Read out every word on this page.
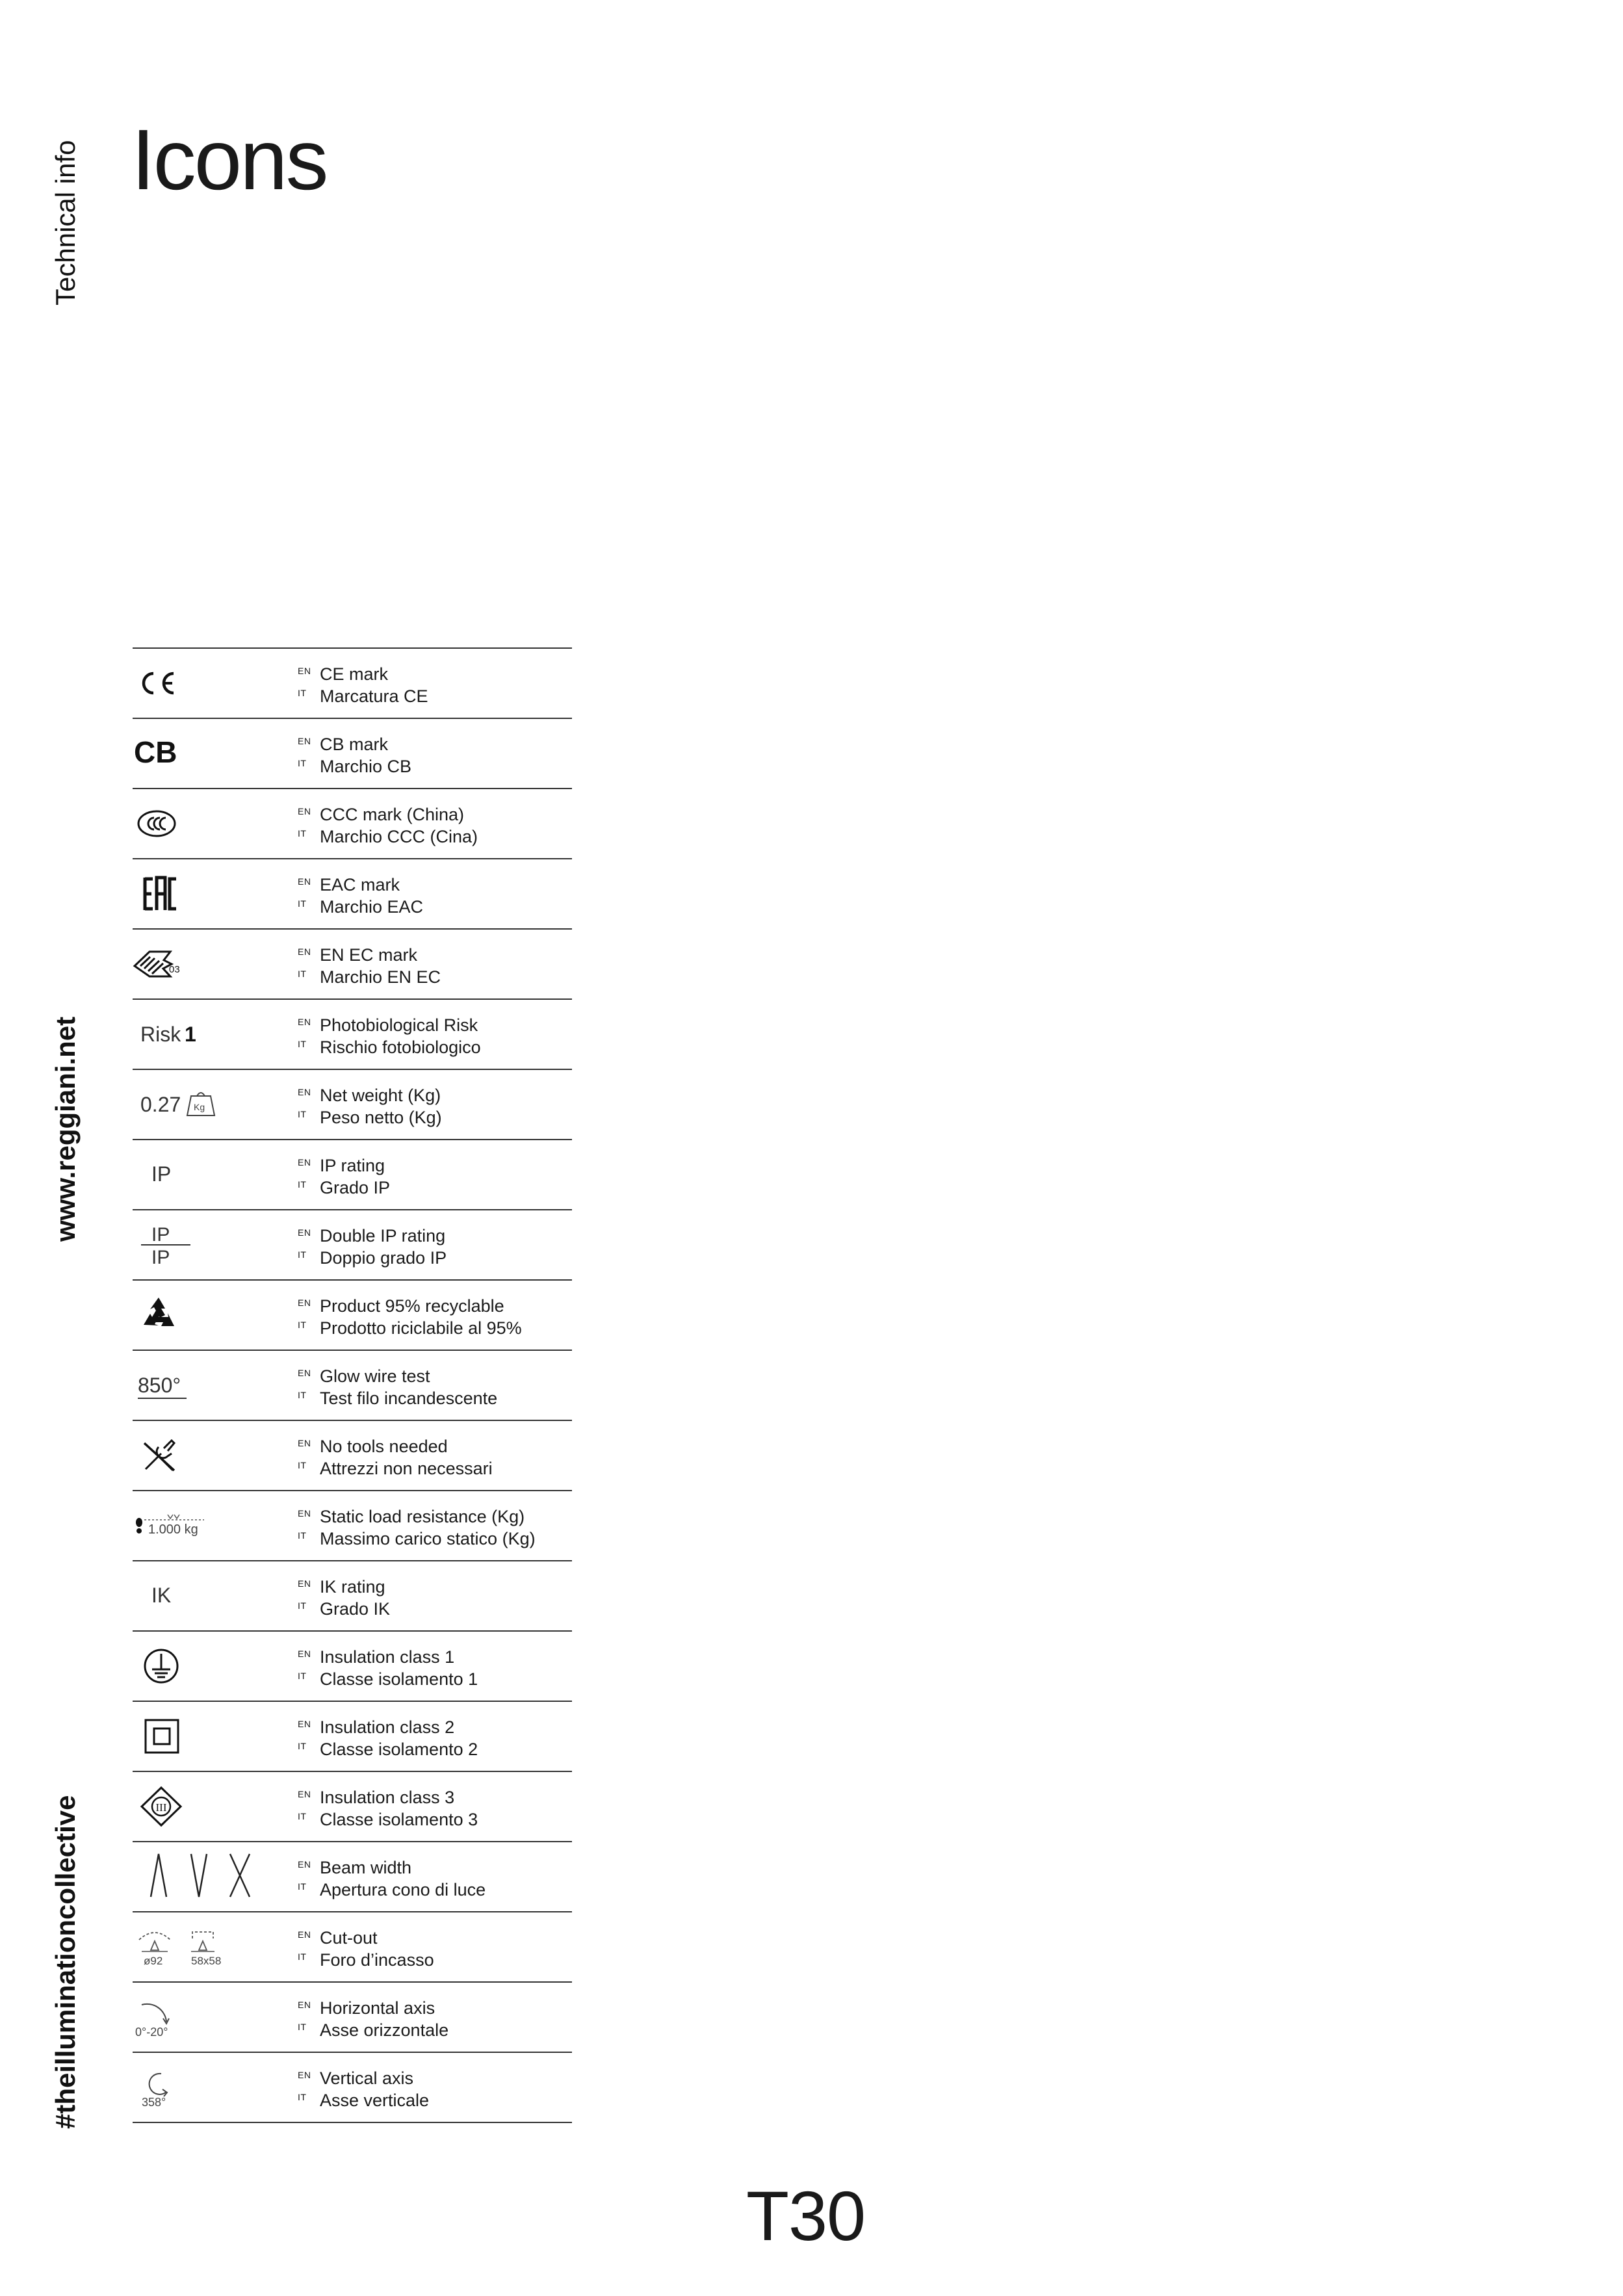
Technical info
www.reggiani.net
#theilluminationcollective
Icons
EN CE mark
IT Marcatura CE
CB	EN CB mark
IT Marchio CB
EN CCC mark (China)
IT Marchio CCC (Cina)
EN EAC mark
IT Marchio EAC
03
EN EN EC mark
IT Marchio EN EC
Risk 1
EN Photobiological Risk
IT Rischio fotobiologico
0.27 Kg
EN Net weight (Kg)
IT Peso netto (Kg)
IP	EN IP rating
IT Grado IP
IP
IP
EN Double IP rating
IT Doppio grado IP
EN Product 95% recyclable
IT Prodotto riciclabile al 95%
850°
EN Glow wire test
IT Test filo incandescente
EN No tools needed
IT Attrezzi non necessari
1.000 kg
EN Static load resistance (Kg)
IT Massimo carico statico (Kg)
IK	EN IK rating
IT Grado IK
EN Insulation class 1
IT Classe isolamento 1
EN Insulation class 2
IT Classe isolamento 2
III
EN Insulation class 3
IT Classe isolamento 3
EN Beam width
IT Apertura cono di luce
ø92	58x58
EN Cut-out
IT Foro d’incasso
0°-20°
EN Horizontal axis
IT Asse orizzontale
358°
EN Vertical axis
IT Asse verticale
T30
